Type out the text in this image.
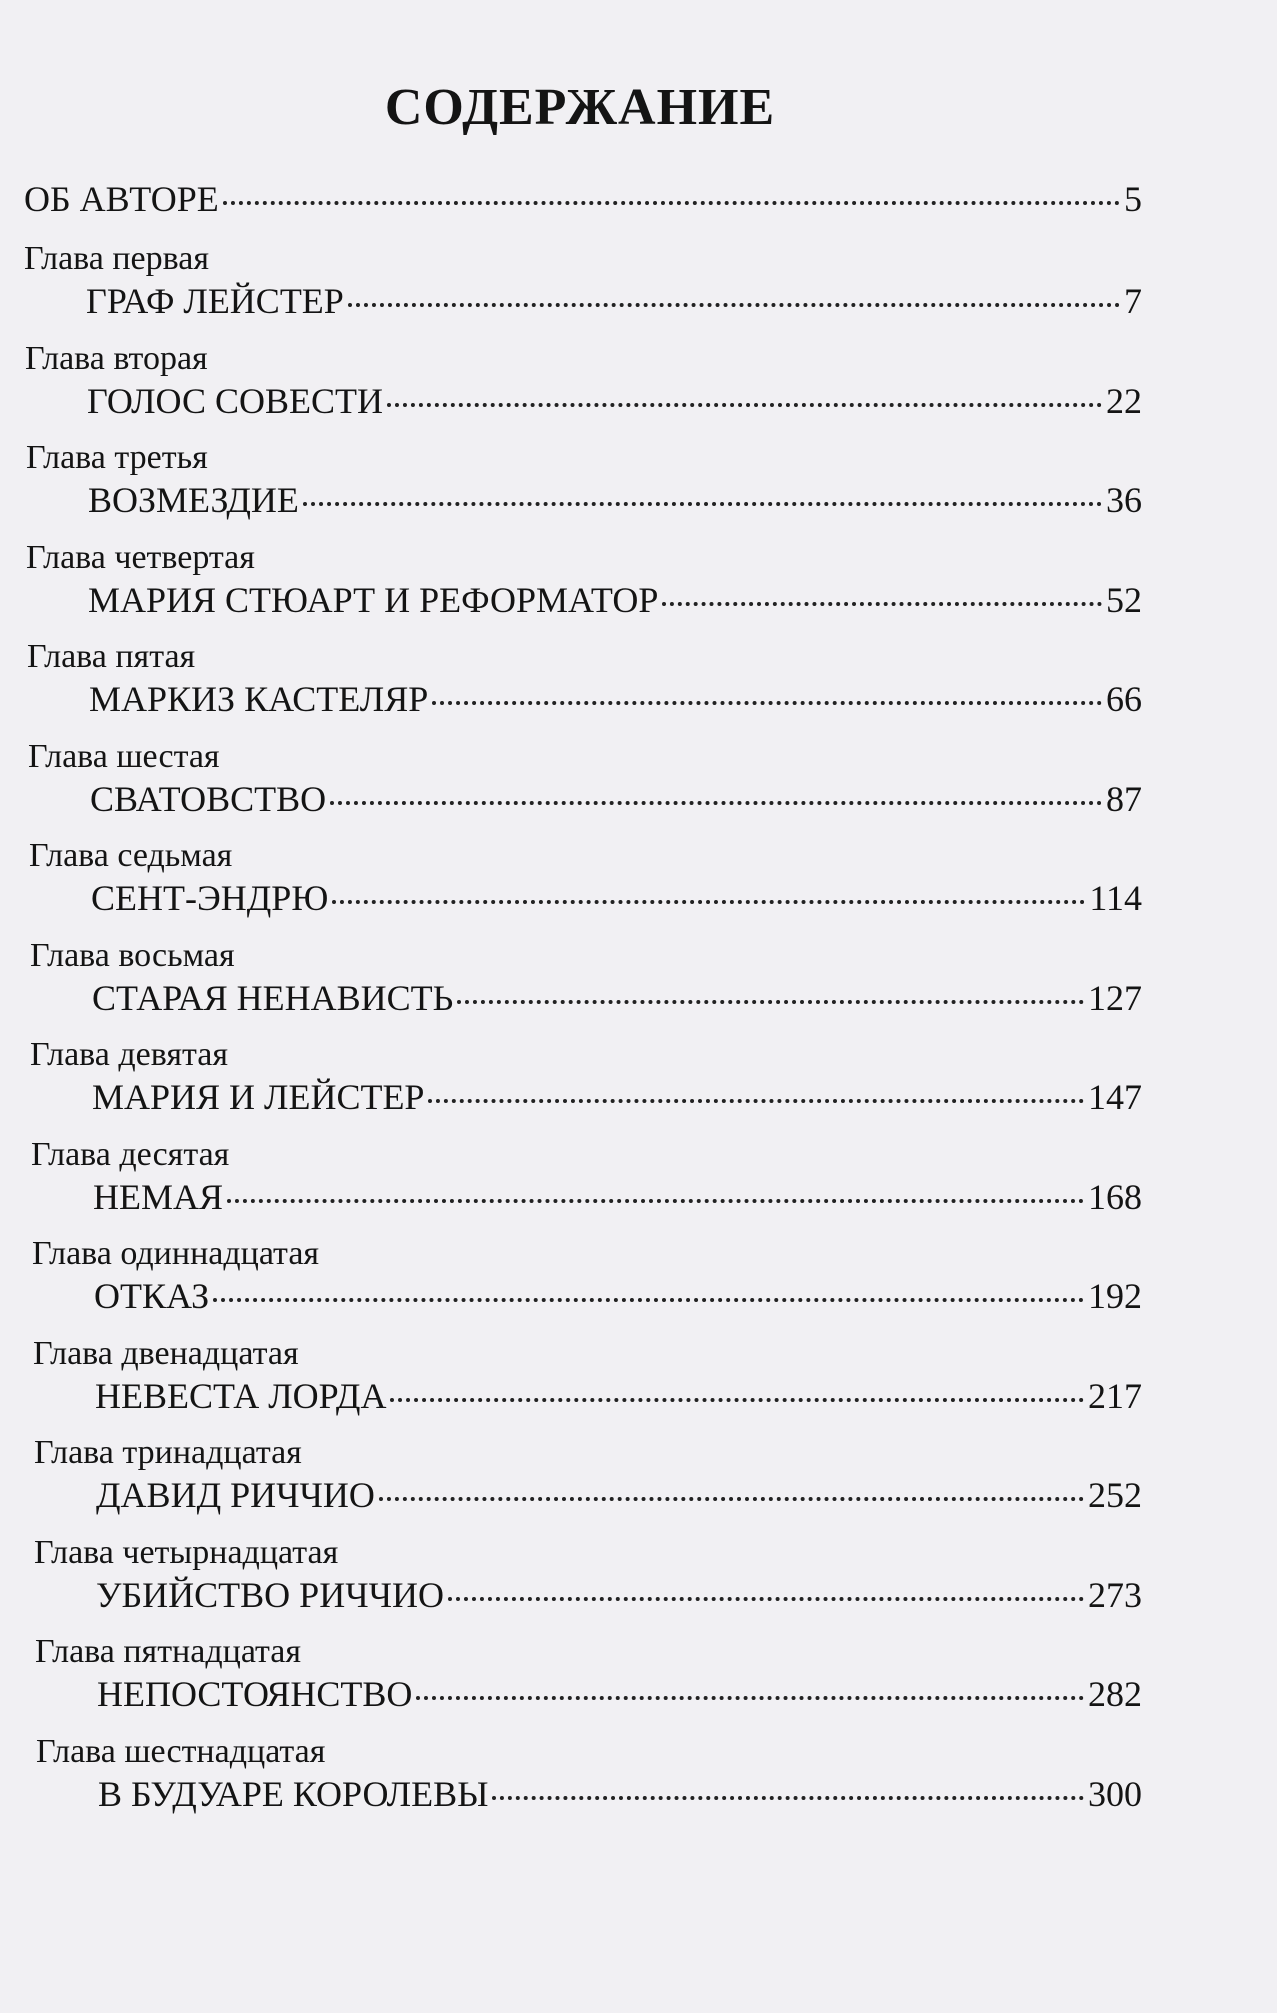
СОДЕРЖАНИЕ
ОБ АВТОРЕ	5
Глава первая
ГРАФ ЛЕЙСТЕР	7
Глава вторая
ГОЛОС СОВЕСТИ	22
Глава третья
ВОЗМЕЗДИЕ	36
Глава четвертая
МАРИЯ СТЮАРТ И РЕФОРМАТОР	52
Глава пятая
МАРКИЗ КАСТЕЛЯР	66
Глава шестая
СВАТОВСТВО	87
Глава седьмая
СЕНТ-ЭНДРЮ	114
Глава восьмая
СТАРАЯ НЕНАВИСТЬ	127
Глава девятая
МАРИЯ И ЛЕЙСТЕР	147
Глава десятая
НЕМАЯ	168
Глава одиннадцатая
ОТКАЗ	192
Глава двенадцатая
НЕВЕСТА ЛОРДА	217
Глава тринадцатая
ДАВИД РИЧЧИО	252
Глава четырнадцатая
УБИЙСТВО РИЧЧИО	273
Глава пятнадцатая
НЕПОСТОЯНСТВО	282
Глава шестнадцатая
В БУДУАРЕ КОРОЛЕВЫ	300
